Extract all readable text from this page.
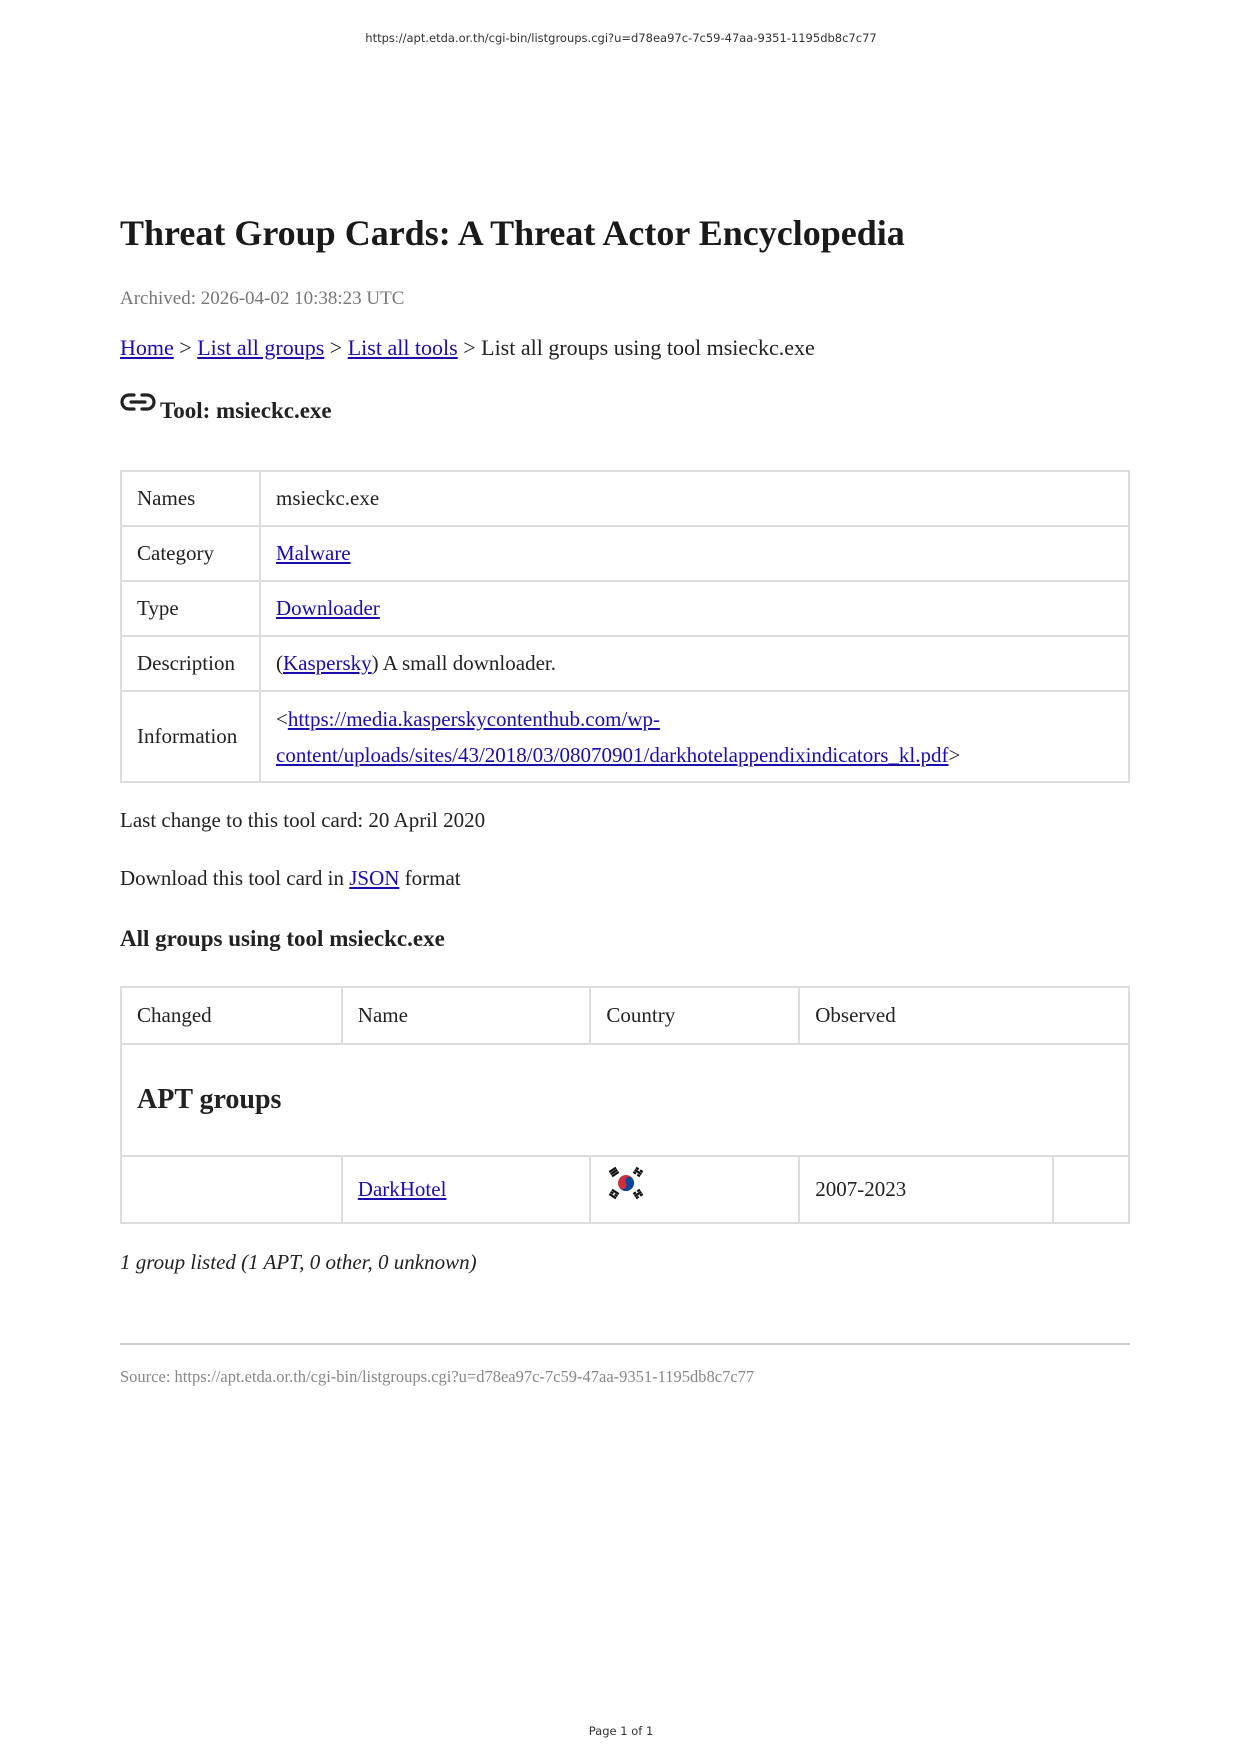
https://apt.etda.or.th/cgi-bin/listgroups.cgi?u=d78ea97c-7c59-47aa-9351-1195db8c7c77
Threat Group Cards: A Threat Actor Encyclopedia
Archived: 2026-04-02 10:38:23 UTC
Home > List all groups > List all tools > List all groups using tool msieckc.exe
Tool: msieckc.exe
Names	msieckc.exe
Category	Malware
Type	Downloader
Description	(Kaspersky) A small downloader.
Information	<https://media.kasperskycontenthub.com/wp-
content/uploads/sites/43/2018/03/08070901/darkhotelappendixindicators_kl.pdf>
Last change to this tool card: 20 April 2020
Download this tool card in JSON format
All groups using tool msieckc.exe
Changed	Name	Country	Observed	
APT groups				
	DarkHotel		2007-2023	
1 group listed (1 APT, 0 other, 0 unknown)
Source: https://apt.etda.or.th/cgi-bin/listgroups.cgi?u=d78ea97c-7c59-47aa-9351-1195db8c7c77
Page 1 of 1
